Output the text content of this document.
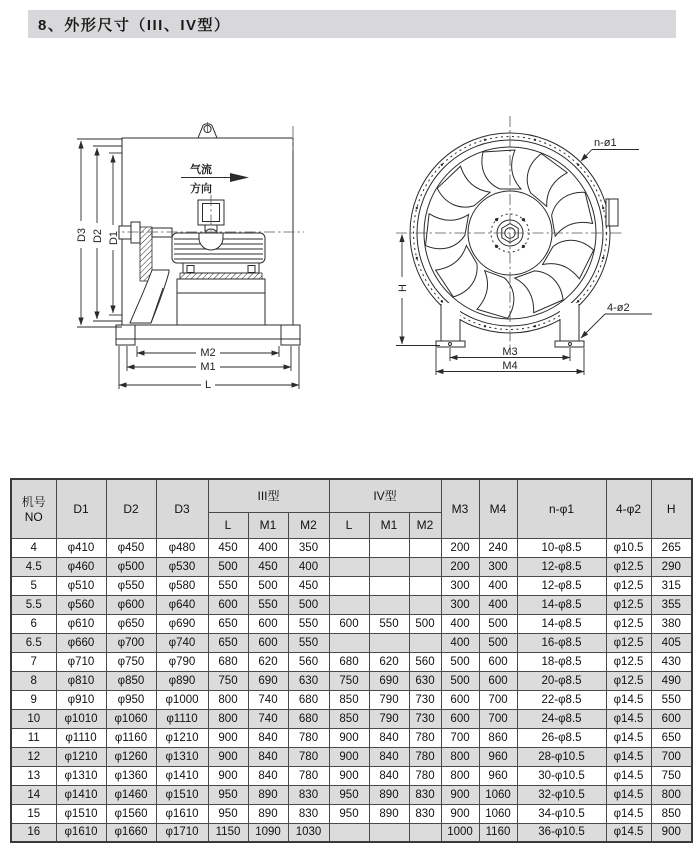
8、外形尺寸（III、IV型）
气流
方向
D3 D2 D1
M2
M1
L
M3
M4
H
n-ø1
4-ø2
机号
NO	D1	D2	D3	III型			IV型			M3	M4	n-φ1	4-φ2	H
				L	M1	M2	L	M1	M2					
4	φ410	φ450	φ480	450	400	350				200	240	10-φ8.5	φ10.5	265
4.5	φ460	φ500	φ530	500	450	400				200	300	12-φ8.5	φ12.5	290
5	φ510	φ550	φ580	550	500	450				300	400	12-φ8.5	φ12.5	315
5.5	φ560	φ600	φ640	600	550	500				300	400	14-φ8.5	φ12.5	355
6	φ610	φ650	φ690	650	600	550	600	550	500	400	500	14-φ8.5	φ12.5	380
6.5	φ660	φ700	φ740	650	600	550				400	500	16-φ8.5	φ12.5	405
7	φ710	φ750	φ790	680	620	560	680	620	560	500	600	18-φ8.5	φ12.5	430
8	φ810	φ850	φ890	750	690	630	750	690	630	500	600	20-φ8.5	φ12.5	490
9	φ910	φ950	φ1000	800	740	680	850	790	730	600	700	22-φ8.5	φ14.5	550
10	φ1010	φ1060	φ1110	800	740	680	850	790	730	600	700	24-φ8.5	φ14.5	600
11	φ1110	φ1160	φ1210	900	840	780	900	840	780	700	860	26-φ8.5	φ14.5	650
12	φ1210	φ1260	φ1310	900	840	780	900	840	780	800	960	28-φ10.5	φ14.5	700
13	φ1310	φ1360	φ1410	900	840	780	900	840	780	800	960	30-φ10.5	φ14.5	750
14	φ1410	φ1460	φ1510	950	890	830	950	890	830	900	1060	32-φ10.5	φ14.5	800
15	φ1510	φ1560	φ1610	950	890	830	950	890	830	900	1060	34-φ10.5	φ14.5	850
16	φ1610	φ1660	φ1710	1150	1090	1030				1000	1160	36-φ10.5	φ14.5	900
